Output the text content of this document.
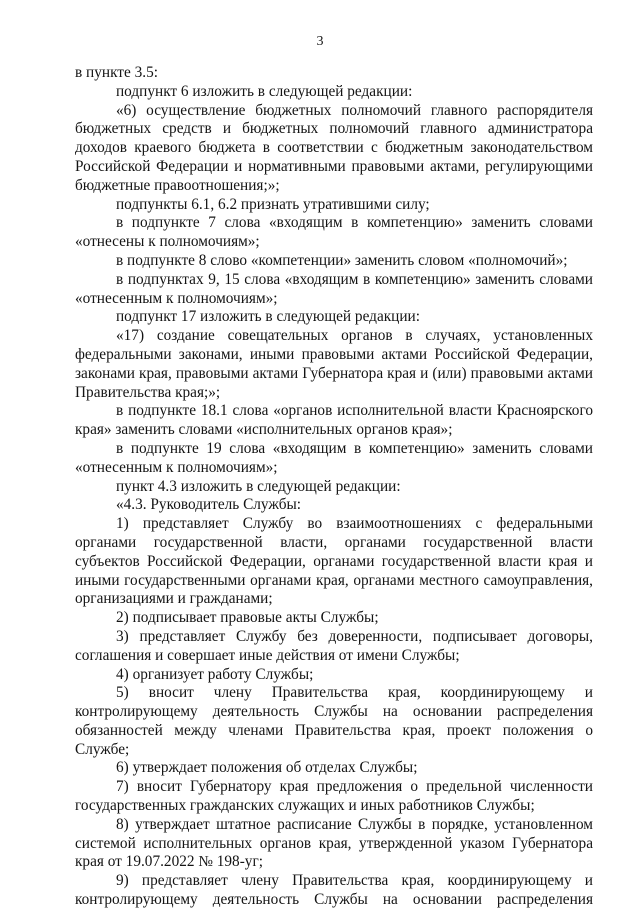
3

в пункте 3.5:

подпункт 6 изложить в следующей редакции:

«6) осуществление бюджетных полномочий главного распорядителя бюджетных средств и бюджетных полномочий главного администратора доходов краевого бюджета в соответствии с бюджетным законодательством Российской Федерации и нормативными правовыми актами, регулирующими бюджетные правоотношения;»;

подпункты 6.1, 6.2 признать утратившими силу;

в подпункте 7 слова «входящим в компетенцию» заменить словами «отнесены к полномочиям»;

в подпункте 8 слово «компетенции» заменить словом «полномочий»;

в подпунктах 9, 15 слова «входящим в компетенцию» заменить словами «отнесенным к полномочиям»;

подпункт 17 изложить в следующей редакции:

«17) создание совещательных органов в случаях, установленных федеральными законами, иными правовыми актами Российской Федерации, законами края, правовыми актами Губернатора края и (или) правовыми актами Правительства края;»;

в подпункте 18.1 слова «органов исполнительной власти Красноярского края» заменить словами «исполнительных органов края»;

в подпункте 19 слова «входящим в компетенцию» заменить словами «отнесенным к полномочиям»;

пункт 4.3 изложить в следующей редакции:

«4.3. Руководитель Службы:

1) представляет Службу во взаимоотношениях с федеральными органами государственной власти, органами государственной власти субъектов Российской Федерации, органами государственной власти края и иными государственными органами края, органами местного самоуправления, организациями и гражданами;

2) подписывает правовые акты Службы;

3) представляет Службу без доверенности, подписывает договоры, соглашения и совершает иные действия от имени Службы;

4) организует работу Службы;

5) вносит члену Правительства края, координирующему и контролирующему деятельность Службы на основании распределения обязанностей между членами Правительства края, проект положения о Службе;

6) утверждает положения об отделах Службы;

7) вносит Губернатору края предложения о предельной численности государственных гражданских служащих и иных работников Службы;

8) утверждает штатное расписание Службы в порядке, установленном системой исполнительных органов края, утвержденной указом Губернатора края от 19.07.2022 № 198-уг;

9) представляет члену Правительства края, координирующему и контролирующему деятельность Службы на основании распределения
